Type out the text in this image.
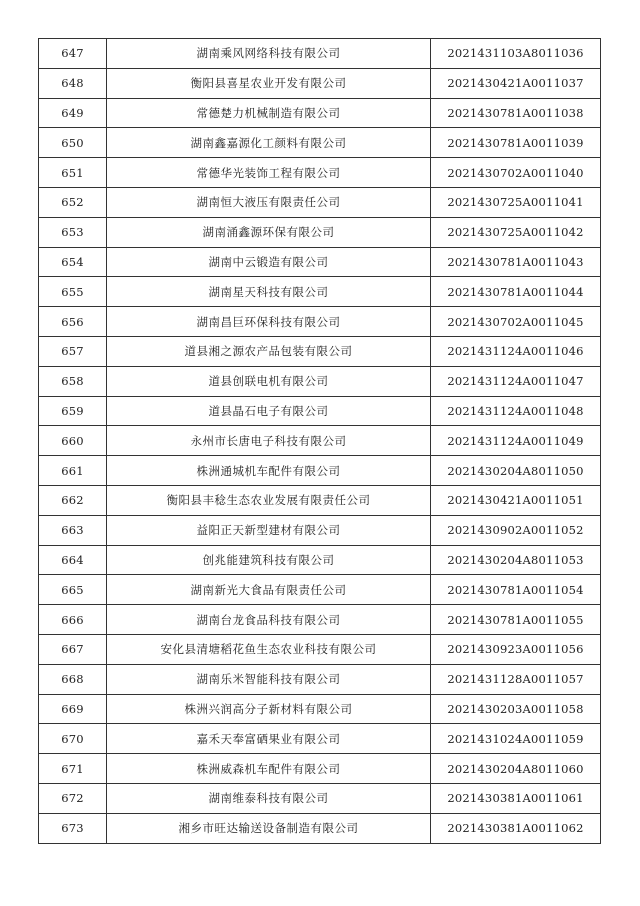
647	湖南乘风网络科技有限公司	2021431103A8011036
648	衡阳县喜星农业开发有限公司	2021430421A0011037
649	常德楚力机械制造有限公司	2021430781A0011038
650	湖南鑫嘉源化工颜料有限公司	2021430781A0011039
651	常德华光装饰工程有限公司	2021430702A0011040
652	湖南恒大液压有限责任公司	2021430725A0011041
653	湖南涌鑫源环保有限公司	2021430725A0011042
654	湖南中云锻造有限公司	2021430781A0011043
655	湖南星天科技有限公司	2021430781A0011044
656	湖南昌巨环保科技有限公司	2021430702A0011045
657	道县湘之源农产品包装有限公司	2021431124A0011046
658	道县创联电机有限公司	2021431124A0011047
659	道县晶石电子有限公司	2021431124A0011048
660	永州市长唐电子科技有限公司	2021431124A0011049
661	株洲通城机车配件有限公司	2021430204A8011050
662	衡阳县丰稔生态农业发展有限责任公司	2021430421A0011051
663	益阳正天新型建材有限公司	2021430902A0011052
664	创兆能建筑科技有限公司	2021430204A8011053
665	湖南新光大食品有限责任公司	2021430781A0011054
666	湖南台龙食品科技有限公司	2021430781A0011055
667	安化县清塘稻花鱼生态农业科技有限公司	2021430923A0011056
668	湖南乐米智能科技有限公司	2021431128A0011057
669	株洲兴润高分子新材料有限公司	2021430203A0011058
670	嘉禾天奉富硒果业有限公司	2021431024A0011059
671	株洲威森机车配件有限公司	2021430204A8011060
672	湖南维泰科技有限公司	2021430381A0011061
673	湘乡市旺达输送设备制造有限公司	2021430381A0011062
